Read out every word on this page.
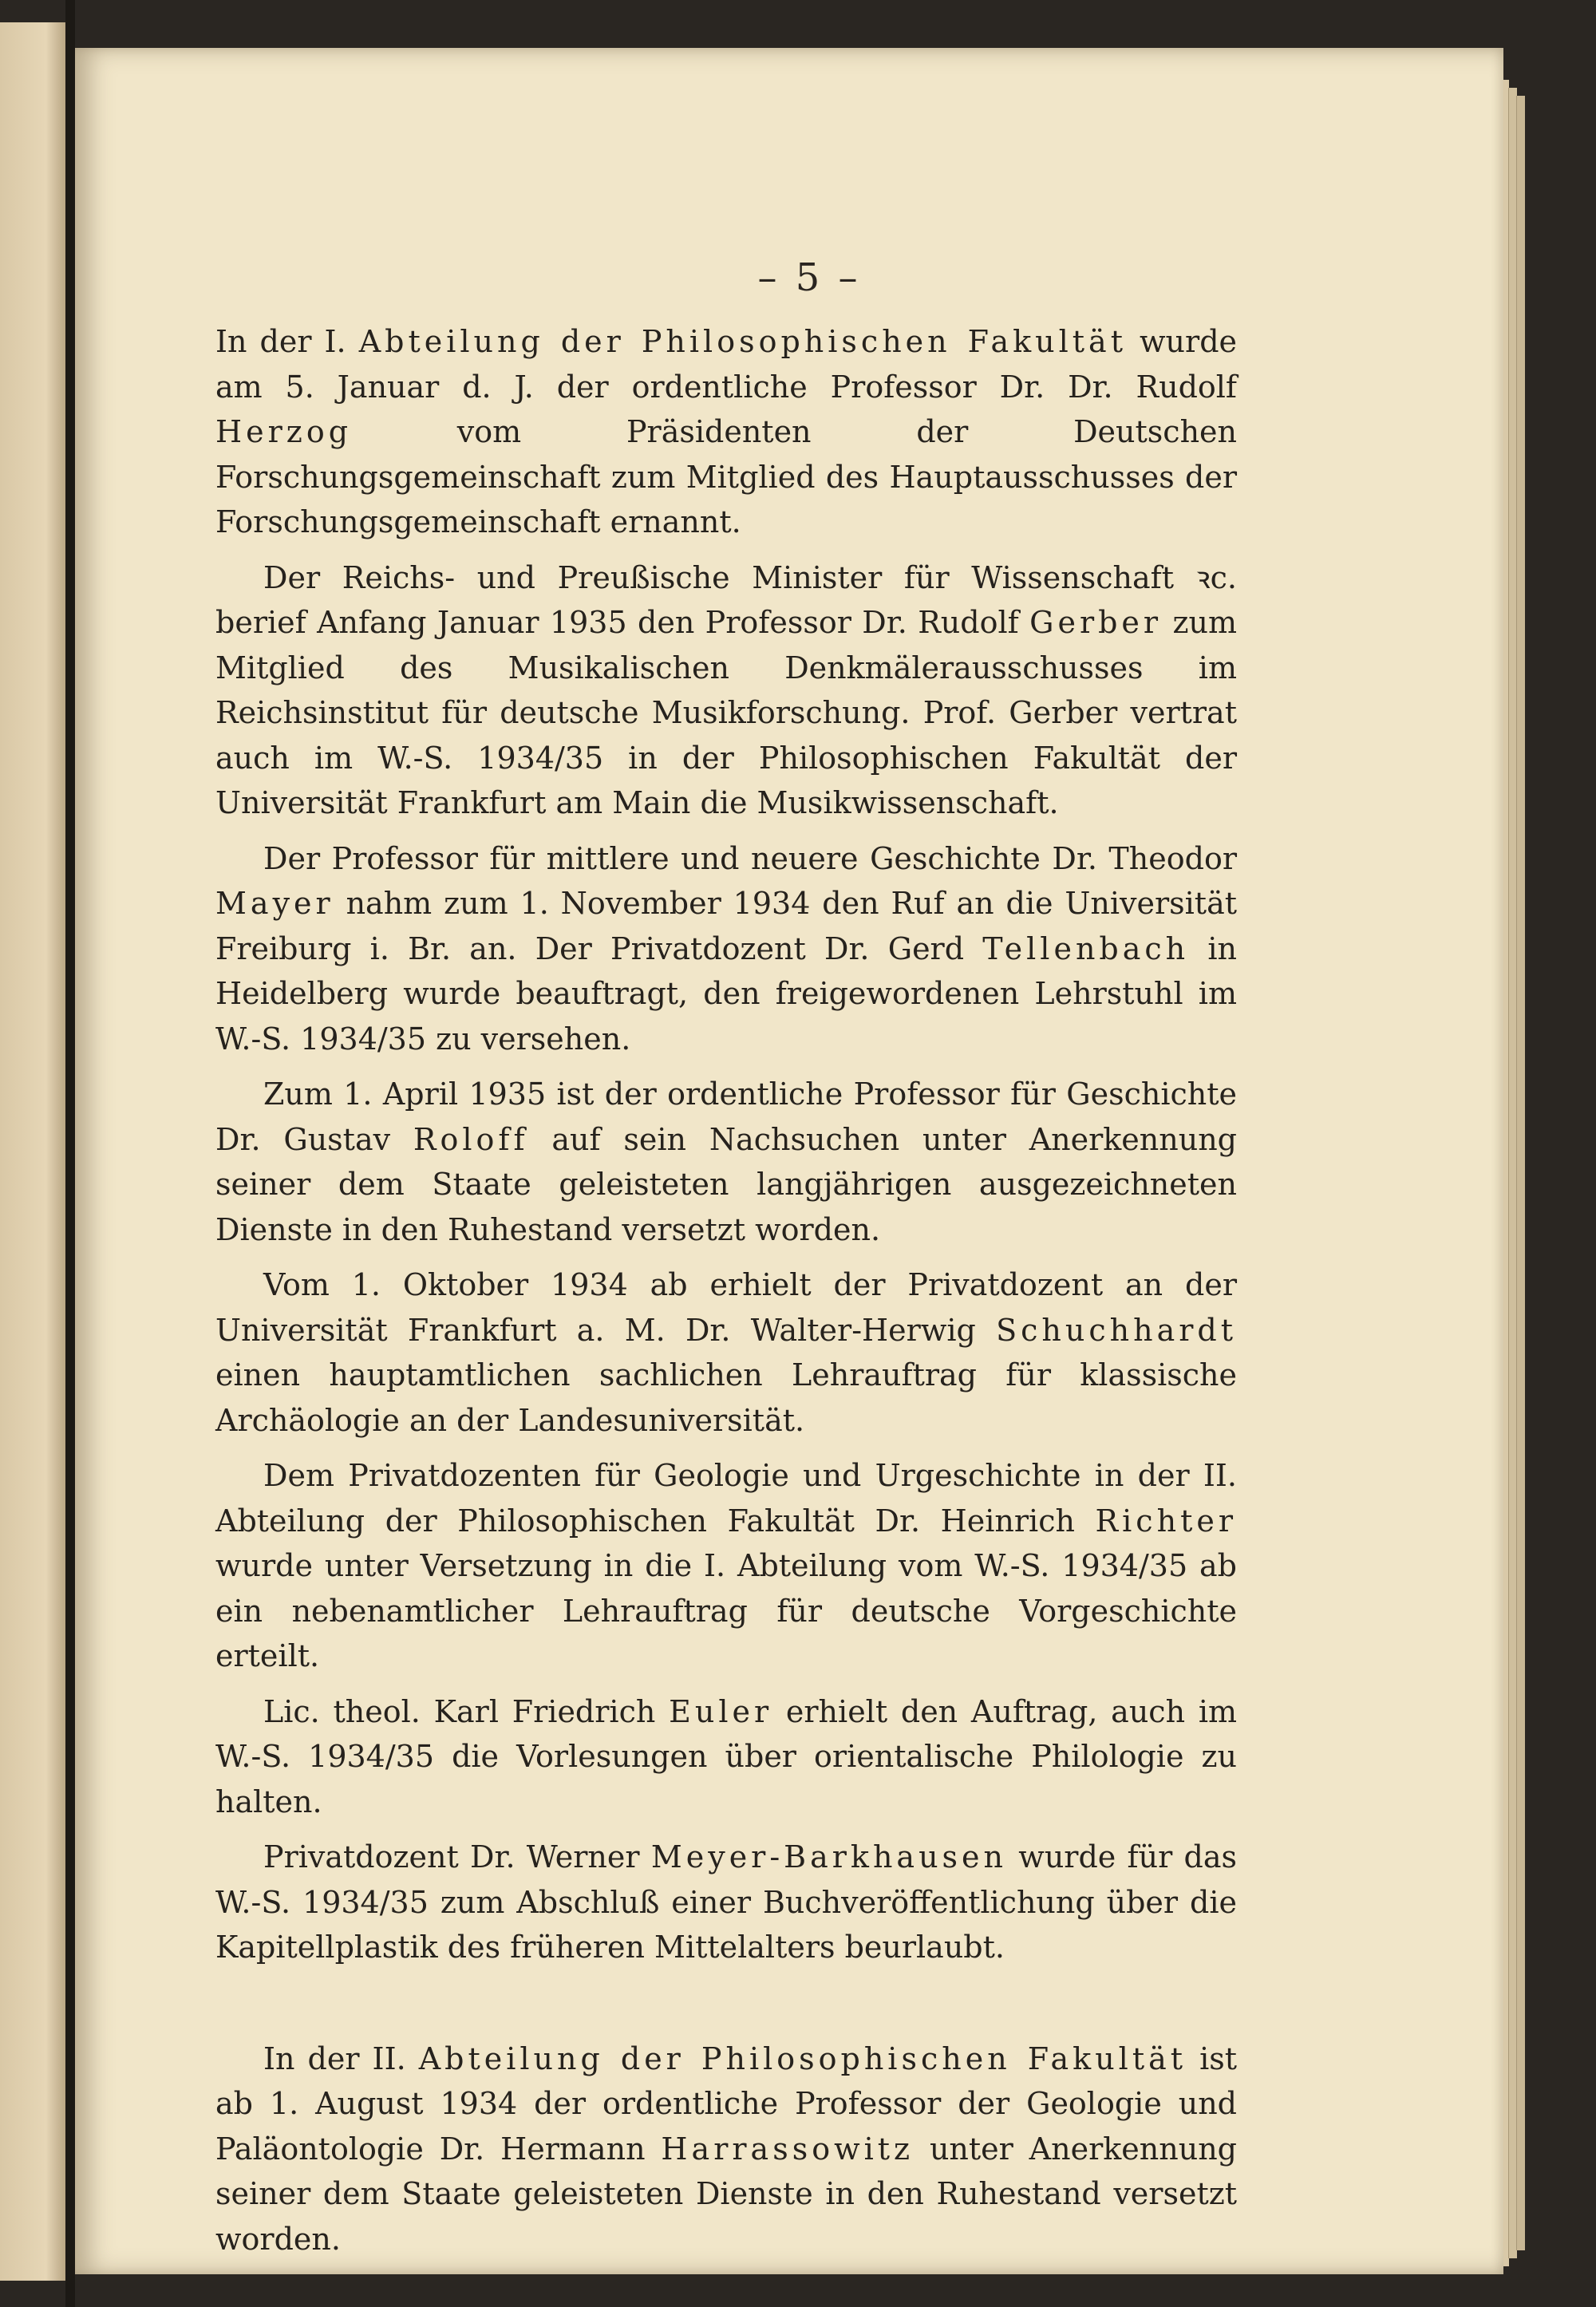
– 5 –

In der I. Abteilung der Philosophischen Fakultät wurde am 5. Januar d. J. der ordentliche Professor Dr. Dr. Rudolf Herzog vom Präsidenten der Deutschen Forschungsgemeinschaft zum Mitglied des Hauptausschusses der Forschungsgemeinschaft ernannt.

Der Reichs- und Preußische Minister für Wissenschaft ꝛc. berief Anfang Januar 1935 den Professor Dr. Rudolf Gerber zum Mitglied des Musikalischen Denkmälerausschusses im Reichsinstitut für deutsche Musikforschung. Prof. Gerber vertrat auch im W.-S. 1934/35 in der Philosophischen Fakultät der Universität Frankfurt am Main die Musikwissenschaft.

Der Professor für mittlere und neuere Geschichte Dr. Theodor Mayer nahm zum 1. November 1934 den Ruf an die Universität Freiburg i. Br. an. Der Privatdozent Dr. Gerd Tellenbach in Heidelberg wurde beauftragt, den freigewordenen Lehrstuhl im W.-S. 1934/35 zu versehen.

Zum 1. April 1935 ist der ordentliche Professor für Geschichte Dr. Gustav Roloff auf sein Nachsuchen unter Anerkennung seiner dem Staate geleisteten langjährigen ausgezeichneten Dienste in den Ruhestand versetzt worden.

Vom 1. Oktober 1934 ab erhielt der Privatdozent an der Universität Frankfurt a. M. Dr. Walter-Herwig Schuchhardt einen hauptamtlichen sachlichen Lehrauftrag für klassische Archäologie an der Landesuniversität.

Dem Privatdozenten für Geologie und Urgeschichte in der II. Abteilung der Philosophischen Fakultät Dr. Heinrich Richter wurde unter Versetzung in die I. Abteilung vom W.-S. 1934/35 ab ein nebenamtlicher Lehrauftrag für deutsche Vorgeschichte erteilt.

Lic. theol. Karl Friedrich Euler erhielt den Auftrag, auch im W.-S. 1934/35 die Vorlesungen über orientalische Philologie zu halten.

Privatdozent Dr. Werner Meyer-Barkhausen wurde für das W.-S. 1934/35 zum Abschluß einer Buchveröffentlichung über die Kapitellplastik des früheren Mittelalters beurlaubt.

In der II. Abteilung der Philosophischen Fakultät ist ab 1. August 1934 der ordentliche Professor der Geologie und Paläontologie Dr. Hermann Harrassowitz unter Anerkennung seiner dem Staate geleisteten Dienste in den Ruhestand versetzt worden.
